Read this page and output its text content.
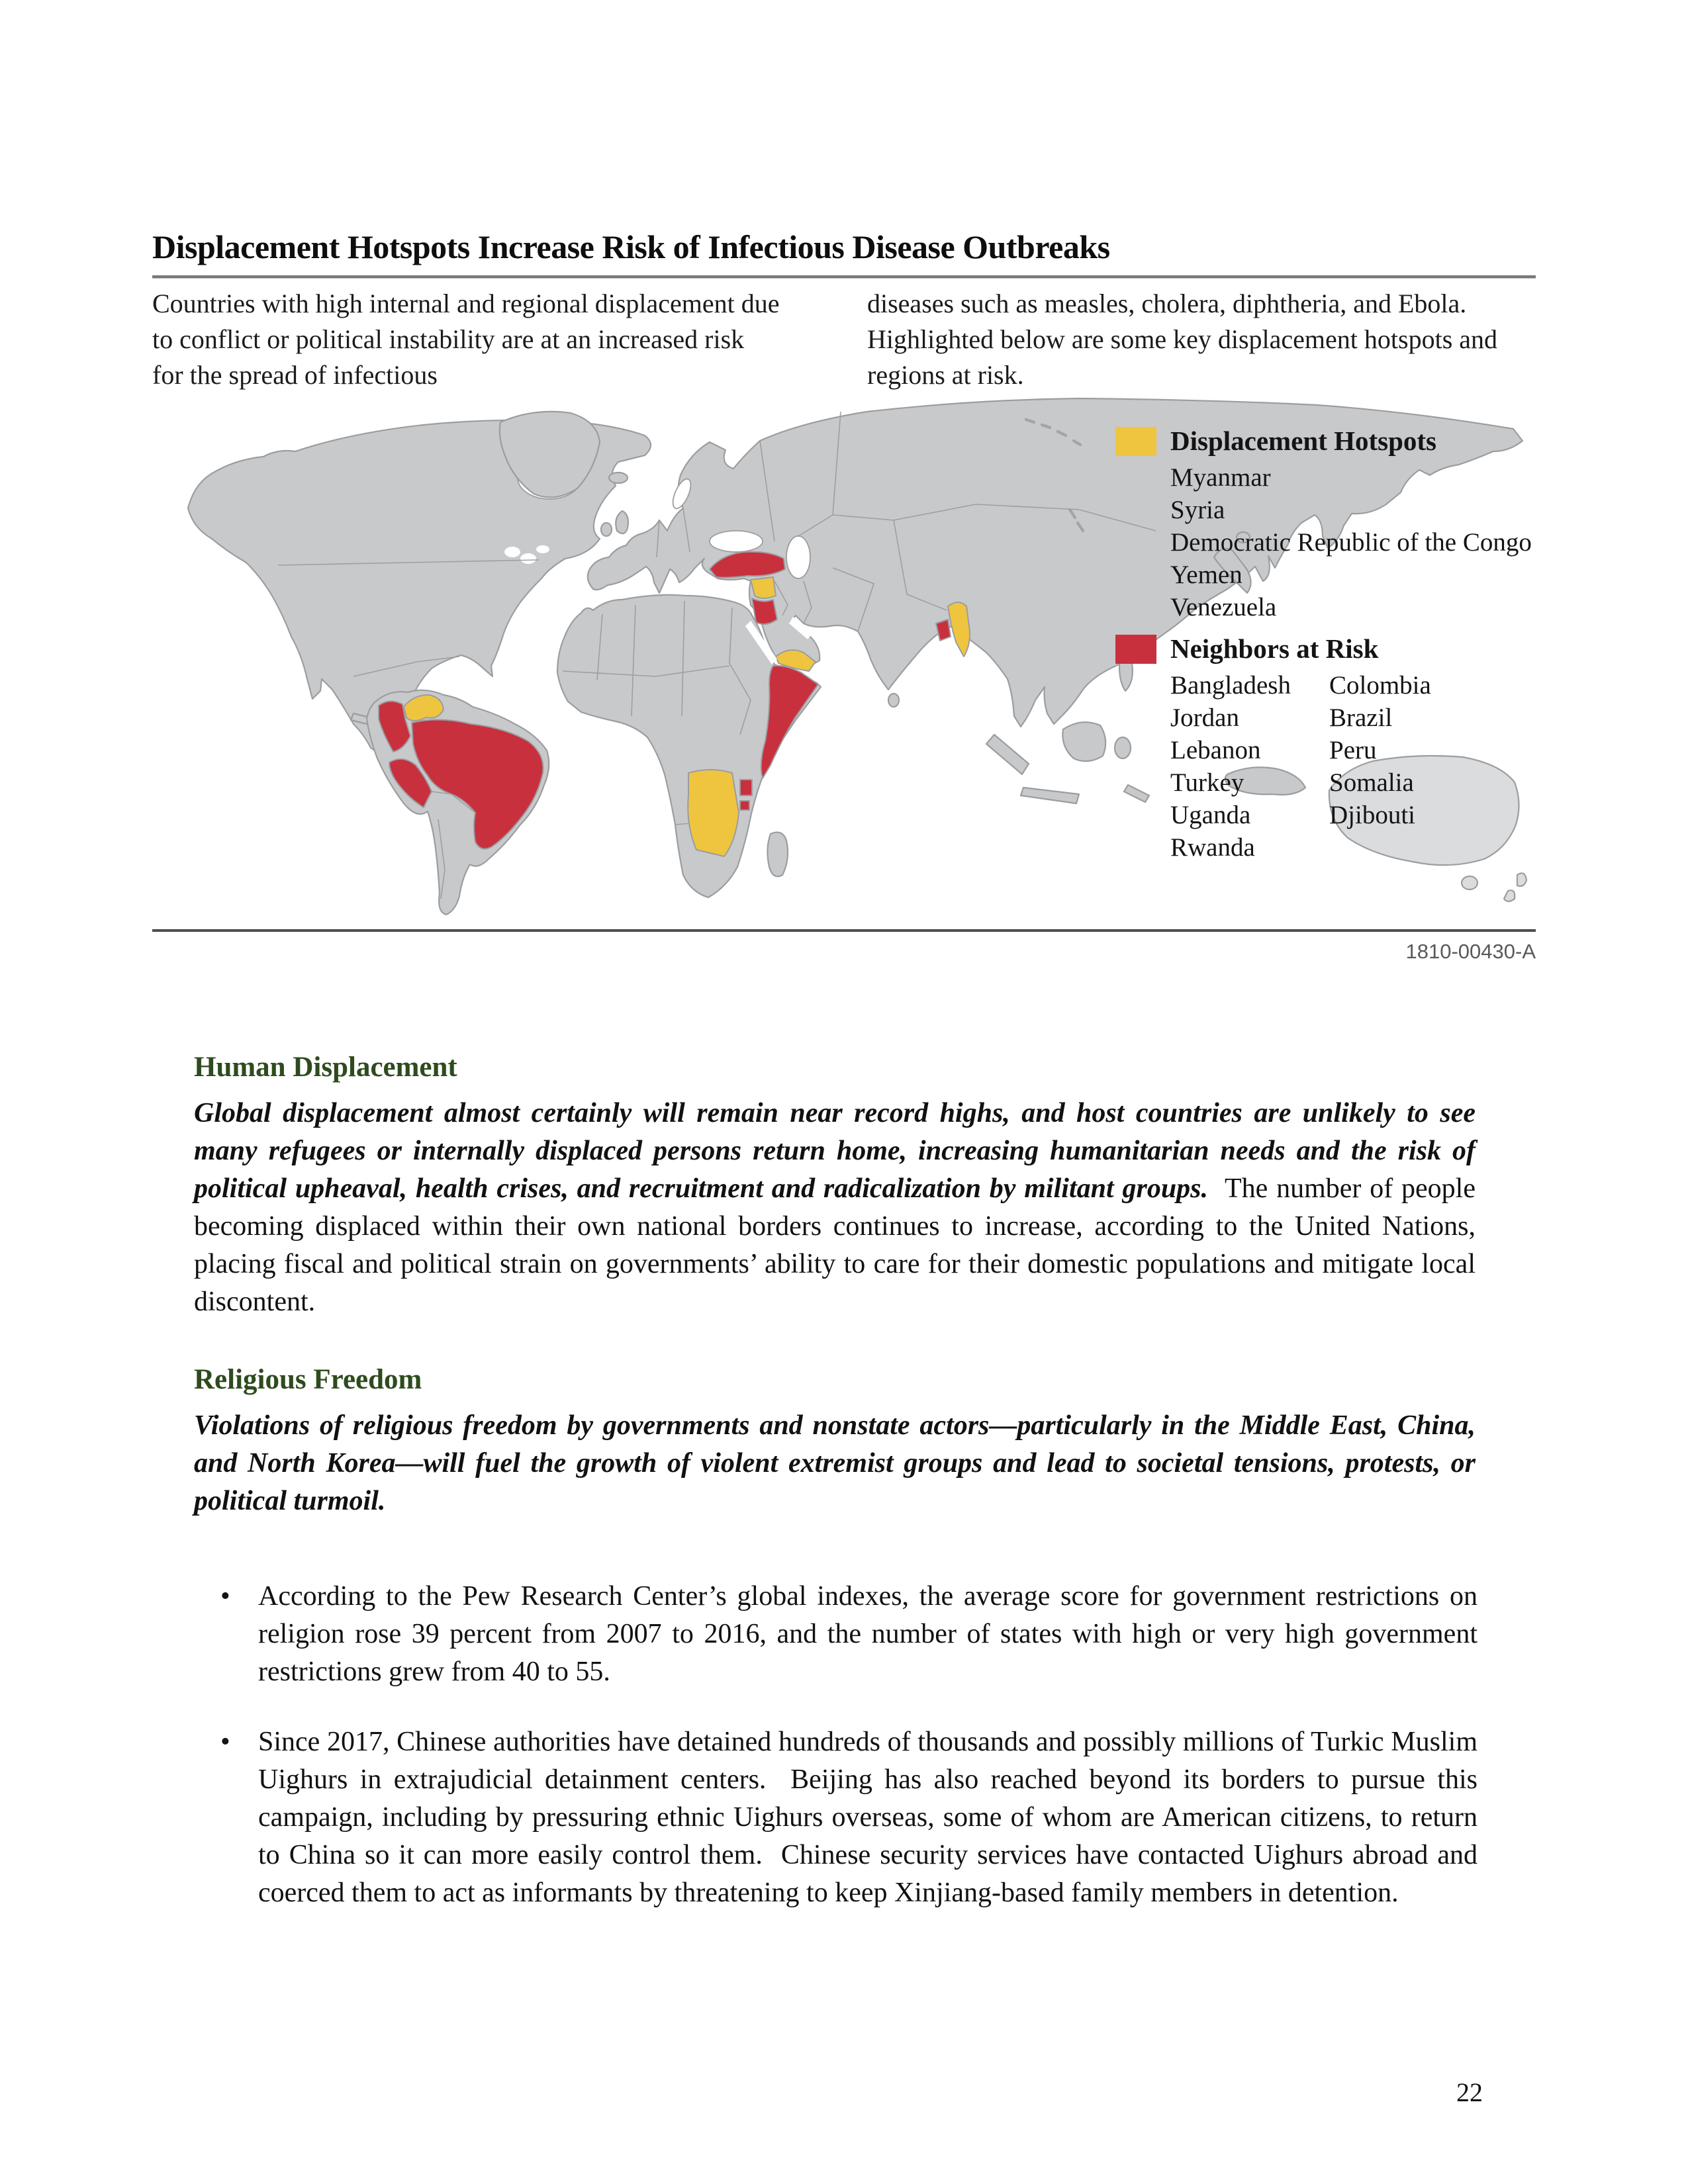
Displacement Hotspots Increase Risk of Infectious Disease Outbreaks
Countries with high internal and regional displacement due to conflict or political instability are at an increased risk for the spread of infectious
diseases such as measles, cholera, diphtheria, and Ebola. Highlighted below are some key displacement hotspots and regions at risk.
Displacement Hotspots
Myanmar
Syria
Democratic Republic of the Congo
Yemen
Venezuela
Neighbors at Risk
Bangladesh
Jordan
Lebanon
Turkey
Uganda
Rwanda
Colombia
Brazil
Peru
Somalia
Djibouti
1810-00430-A
Human Displacement
Global displacement almost certainly will remain near record highs, and host countries are unlikely to see many refugees or internally displaced persons return home, increasing humanitarian needs and the risk of political upheaval, health crises, and recruitment and radicalization by militant groups.  The number of people becoming displaced within their own national borders continues to increase, according to the United Nations, placing fiscal and political strain on governments’ ability to care for their domestic populations and mitigate local discontent.
Religious Freedom
Violations of religious freedom by governments and nonstate actors—particularly in the Middle East, China, and North Korea—will fuel the growth of violent extremist groups and lead to societal tensions, protests, or political turmoil.
• According to the Pew Research Center’s global indexes, the average score for government restrictions on religion rose 39 percent from 2007 to 2016, and the number of states with high or very high government restrictions grew from 40 to 55.
• Since 2017, Chinese authorities have detained hundreds of thousands and possibly millions of Turkic Muslim Uighurs in extrajudicial detainment centers.  Beijing has also reached beyond its borders to pursue this campaign, including by pressuring ethnic Uighurs overseas, some of whom are American citizens, to return to China so it can more easily control them.  Chinese security services have contacted Uighurs abroad and coerced them to act as informants by threatening to keep Xinjiang-based family members in detention.
22
